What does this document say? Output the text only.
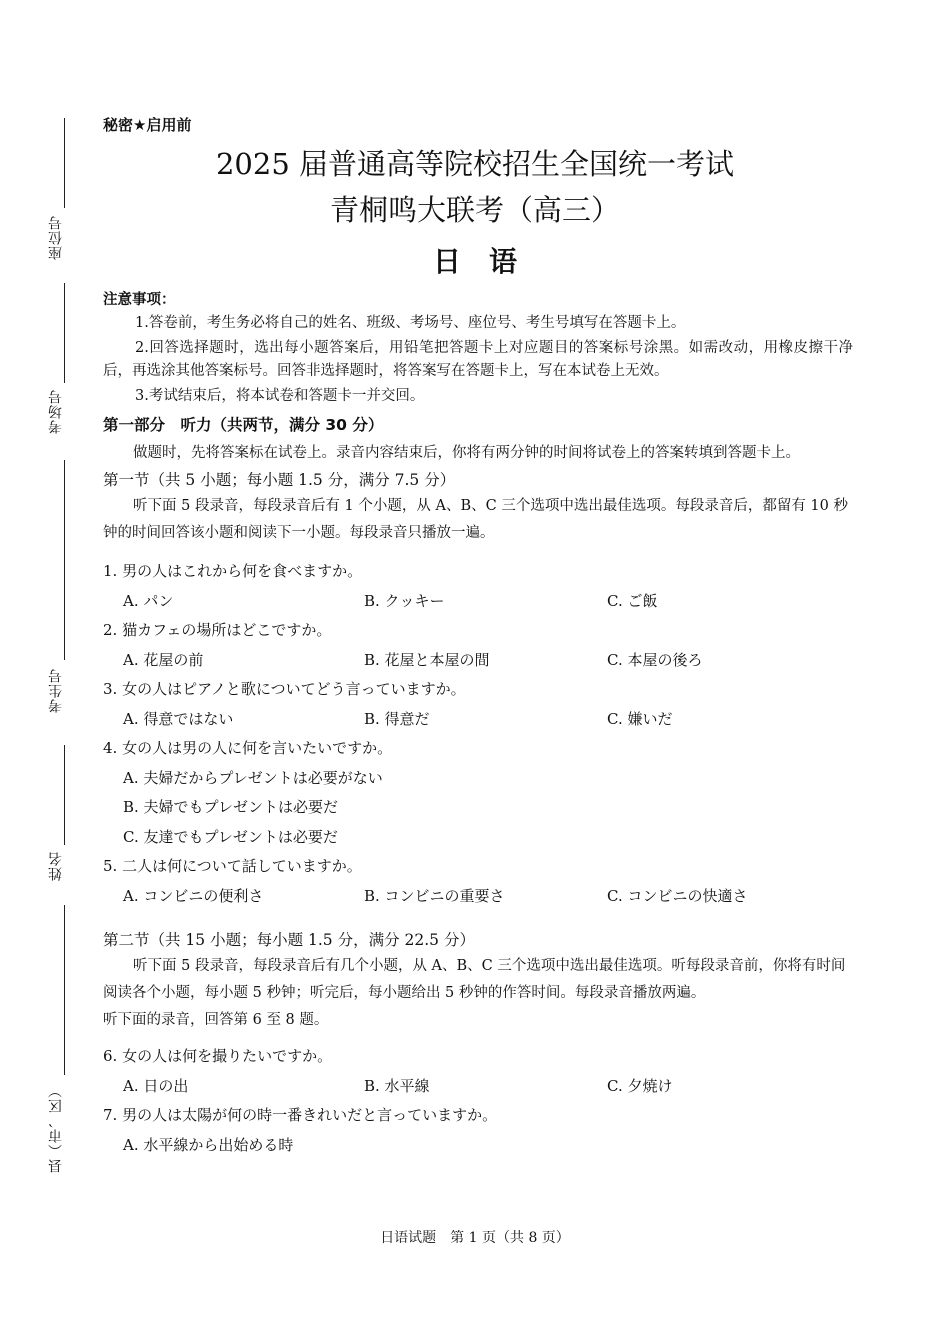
座位号
考场号
考生号
姓名
县（市、区）
秘密★启用前
2025 届普通高等院校招生全国统一考试
青桐鸣大联考（高三）
日语

注意事项：

1.答卷前，考生务必将自己的姓名、班级、考场号、座位号、考生号填写在答题卡上。

2.回答选择题时，选出每小题答案后，用铅笔把答题卡上对应题目的答案标号涂黑。如需改动，用橡皮擦干净后，再选涂其他答案标号。回答非选择题时，将答案写在答题卡上，写在本试卷上无效。

3.考试结束后，将本试卷和答题卡一并交回。

第一部分　听力（共两节，满分 30 分）

做题时，先将答案标在试卷上。录音内容结束后，你将有两分钟的时间将试卷上的答案转填到答题卡上。

第一节（共 5 小题；每小题 1.5 分，满分 7.5 分）

听下面 5 段录音，每段录音后有 1 个小题，从 A、B、C 三个选项中选出最佳选项。每段录音后，都留有 10 秒钟的时间回答该小题和阅读下一小题。每段录音只播放一遍。

1. 男の人はこれから何を食べますか。

A. パン	B. クッキー	C. ご飯

2. 猫カフェの場所はどこですか。

A. 花屋の前	B. 花屋と本屋の間	C. 本屋の後ろ

3. 女の人はピアノと歌についてどう言っていますか。

A. 得意ではない	B. 得意だ	C. 嫌いだ

4. 女の人は男の人に何を言いたいですか。

A. 夫婦だからプレゼントは必要がない
B. 夫婦でもプレゼントは必要だ
C. 友達でもプレゼントは必要だ

5. 二人は何について話していますか。

A. コンビニの便利さ	B. コンビニの重要さ	C. コンビニの快適さ

第二节（共 15 小题；每小题 1.5 分，满分 22.5 分）

听下面 5 段录音，每段录音后有几个小题，从 A、B、C 三个选项中选出最佳选项。听每段录音前，你将有时间阅读各个小题，每小题 5 秒钟；听完后，每小题给出 5 秒钟的作答时间。每段录音播放两遍。

听下面的录音，回答第 6 至 8 题。

6. 女の人は何を撮りたいですか。

A. 日の出	B. 水平線	C. 夕焼け

7. 男の人は太陽が何の時一番きれいだと言っていますか。

A. 水平線から出始める時
日语试题　第 1 页（共 8 页）
